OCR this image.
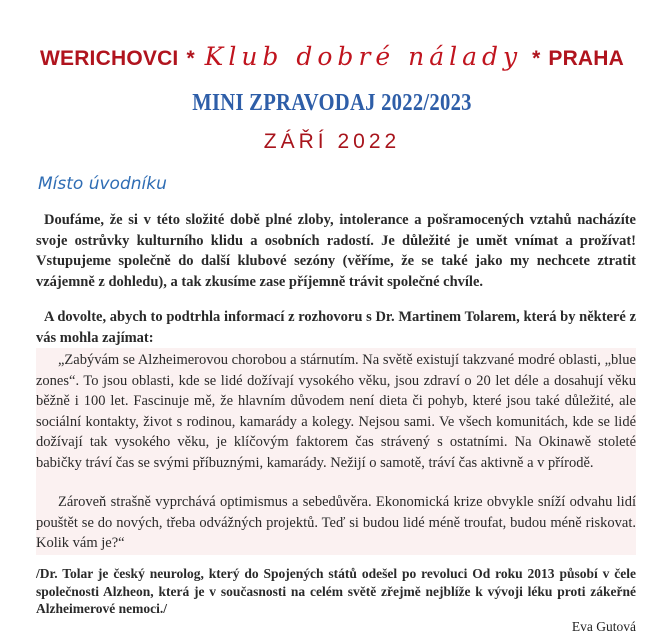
WERICHOVCI * Klub dobré nálady * PRAHA
MINI ZPRAVODAJ 2022/2023
ZÁŘÍ 2022
Místo úvodníku
Doufáme, že si v této složité době plné zloby, intolerance a pošramocených vztahů nacházíte svoje ostrůvky kulturního klidu a osobních radostí. Je důležité je umět vnímat a prožívat! Vstupujeme společně do další klubové sezóny (věříme, že se také jako my nechcete ztratit vzájemně z dohledu), a tak zkusíme zase příjemně trávit společné chvíle.
A dovolte, abych to podtrhla informací z rozhovoru s Dr. Martinem Tolarem, která by některé z vás mohla zajímat:
„Zabývám se Alzheimerovou chorobou a stárnutím. Na světě existují takzvané modré oblasti, „blue zones“. To jsou oblasti, kde se lidé dožívají vysokého věku, jsou zdraví o 20 let déle a dosahují věku běžně i 100 let. Fascinuje mě, že hlavním důvodem není dieta či pohyb, které jsou také důležité, ale sociální kontakty, život s rodinou, kamarády a kolegy. Nejsou sami. Ve všech komunitách, kde se lidé dožívají tak vysokého věku, je klíčovým faktorem čas strávený s ostatními. Na Okinawě stoleté babičky tráví čas se svými příbuznými, kamarády. Nežijí o samotě, tráví čas aktivně a v přírodě.
Zároveň strašně vyprchává optimismus a sebedůvěra. Ekonomická krize obvykle sníží odvahu lidí pouštět se do nových, třeba odvážných projektů. Teď si budou lidé méně troufat, budou méně riskovat. Kolik vám je?“
/Dr. Tolar je český neurolog, který do Spojených států odešel po revoluci Od roku 2013 působí v čele společnosti Alzheon, která je v současnosti na celém světě zřejmě nejblíže k vývoji léku proti zákeřné Alzheimerové nemoci./
Eva Gutová
